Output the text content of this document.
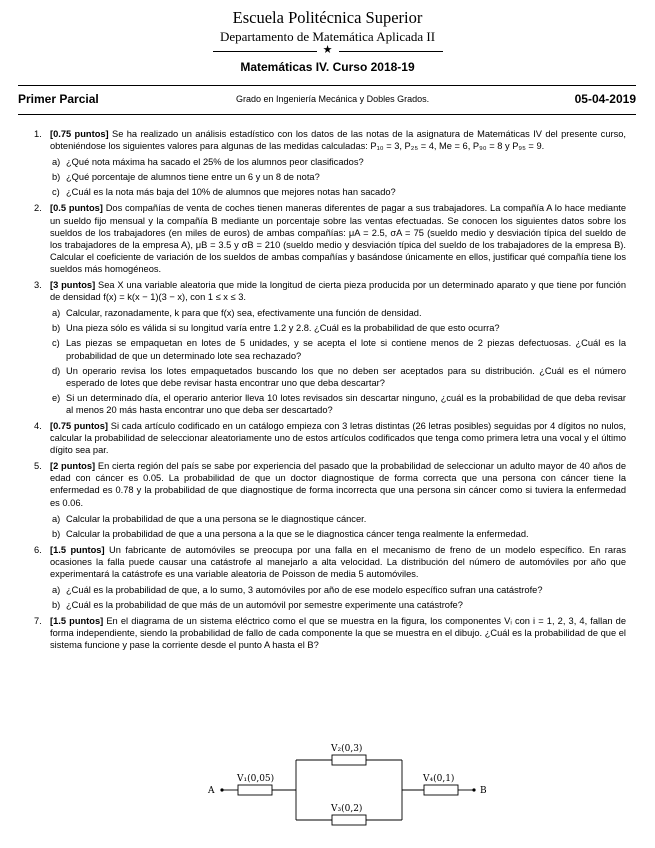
Escuela Politécnica Superior
Departamento de Matemática Aplicada II
★
Matemáticas IV. Curso 2018-19
Primer Parcial	Grado en Ingeniería Mecánica y Dobles Grados.	05-04-2019
1. [0.75 puntos] Se ha realizado un análisis estadístico con los datos de las notas de la asignatura de Matemáticas IV del presente curso, obteniéndose los siguientes valores para algunas de las medidas calculadas: P₁₀ = 3, P₂₅ = 4, Me = 6, P₉₀ = 8 y P₉₅ = 9.

a) ¿Qué nota máxima ha sacado el 25% de los alumnos peor clasificados?
b) ¿Qué porcentaje de alumnos tiene entre un 6 y un 8 de nota?
c) ¿Cuál es la nota más baja del 10% de alumnos que mejores notas han sacado?
2. [0.5 puntos] Dos compañías de venta de coches tienen maneras diferentes de pagar a sus trabajadores. La compañía A lo hace mediante un sueldo fijo mensual y la compañía B mediante un porcentaje sobre las ventas efectuadas. Se conocen los siguientes datos sobre los sueldos de los trabajadores (en miles de euros) de ambas compañías: μA = 2.5, σA = 75 (sueldo medio y desviación típica del sueldo de los trabajadores de la empresa A), μB = 3.5 y σB = 210 (sueldo medio y desviación típica del sueldo de los trabajadores de la empresa B). Calcular el coeficiente de variación de los sueldos de ambas compañías y basándose únicamente en ellos, justificar qué compañía tiene los sueldos más homogéneos.

3. [3 puntos] Sea X una variable aleatoria que mide la longitud de cierta pieza producida por un determinado aparato y que tiene por función de densidad f(x) = k(x − 1)(3 − x), con 1 ≤ x ≤ 3.

a) Calcular, razonadamente, k para que f(x) sea, efectivamente una función de densidad.
b) Una pieza sólo es válida si su longitud varía entre 1.2 y 2.8. ¿Cuál es la probabilidad de que esto ocurra?
c) Las piezas se empaquetan en lotes de 5 unidades, y se acepta el lote si contiene menos de 2 piezas defectuosas. ¿Cuál es la probabilidad de que un determinado lote sea rechazado?
d) Un operario revisa los lotes empaquetados buscando los que no deben ser aceptados para su distribución. ¿Cuál es el número esperado de lotes que debe revisar hasta encontrar uno que deba descartar?
e) Si un determinado día, el operario anterior lleva 10 lotes revisados sin descartar ninguno, ¿cuál es la probabilidad de que deba revisar al menos 20 más hasta encontrar uno que deba ser descartado?
4. [0.75 puntos] Si cada artículo codificado en un catálogo empieza con 3 letras distintas (26 letras posibles) seguidas por 4 dígitos no nulos, calcular la probabilidad de seleccionar aleatoriamente uno de estos artículos codificados que tenga como primera letra una vocal y el último dígito sea par.

5. [2 puntos] En cierta región del país se sabe por experiencia del pasado que la probabilidad de seleccionar un adulto mayor de 40 años de edad con cáncer es 0.05. La probabilidad de que un doctor diagnostique de forma correcta que una persona con cáncer tiene la enfermedad es 0.78 y la probabilidad de que diagnostique de forma incorrecta que una persona sin cáncer como si tuviera la enfermedad es 0.06.

a) Calcular la probabilidad de que a una persona se le diagnostique cáncer.
b) Calcular la probabilidad de que a una persona a la que se le diagnostica cáncer tenga realmente la enfermedad.
6. [1.5 puntos] Un fabricante de automóviles se preocupa por una falla en el mecanismo de freno de un modelo específico. En raras ocasiones la falla puede causar una catástrofe al manejarlo a alta velocidad. La distribución del número de automóviles por año que experimentará la catástrofe es una variable aleatoria de Poisson de media 5 automóviles.

a) ¿Cuál es la probabilidad de que, a lo sumo, 3 automóviles por año de ese modelo específico sufran una catástrofe?
b) ¿Cuál es la probabilidad de que más de un automóvil por semestre experimente una catástrofe?
7. [1.5 puntos] En el diagrama de un sistema eléctrico como el que se muestra en la figura, los componentes Vᵢ con i = 1, 2, 3, 4, fallan de forma independiente, siendo la probabilidad de fallo de cada componente la que se muestra en el dibujo. ¿Cuál es la probabilidad de que el sistema funcione y pase la corriente desde el punto A hasta el B?

A	B
V₁(0,05)
V₂(0,3)
V₃(0,2)
V₄(0,1)
